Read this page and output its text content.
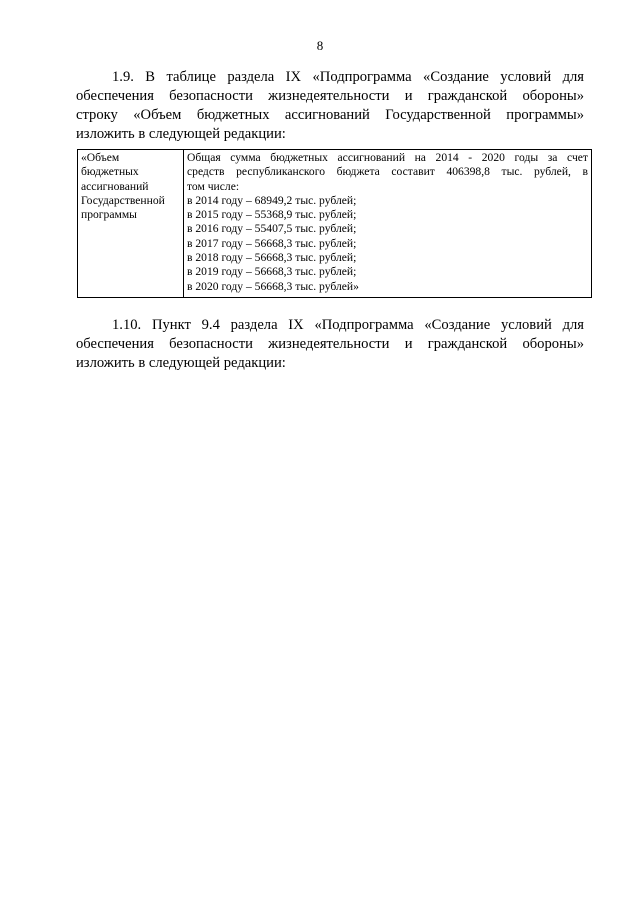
8
1.9. В таблице раздела IX «Подпрограмма «Создание условий для
обеспечения безопасности жизнедеятельности и гражданской обороны»
строку «Объем бюджетных ассигнований Государственной программы»
изложить в следующей редакции:
«Объем
бюджетных
ассигнований
Государственной
программы

Общая сумма бюджетных ассигнований на 2014 - 2020 годы за счет
средств республиканского бюджета составит 406398,8 тыс. рублей, в
том числе:
в 2014 году – 68949,2 тыс. рублей;
в 2015 году – 55368,9 тыс. рублей;
в 2016 году – 55407,5 тыс. рублей;
в 2017 году – 56668,3 тыс. рублей;
в 2018 году – 56668,3 тыс. рублей;
в 2019 году – 56668,3 тыс. рублей;
в 2020 году – 56668,3 тыс. рублей»
1.10. Пункт 9.4 раздела IX «Подпрограмма «Создание условий для
обеспечения безопасности жизнедеятельности и гражданской обороны»
изложить в следующей редакции:
